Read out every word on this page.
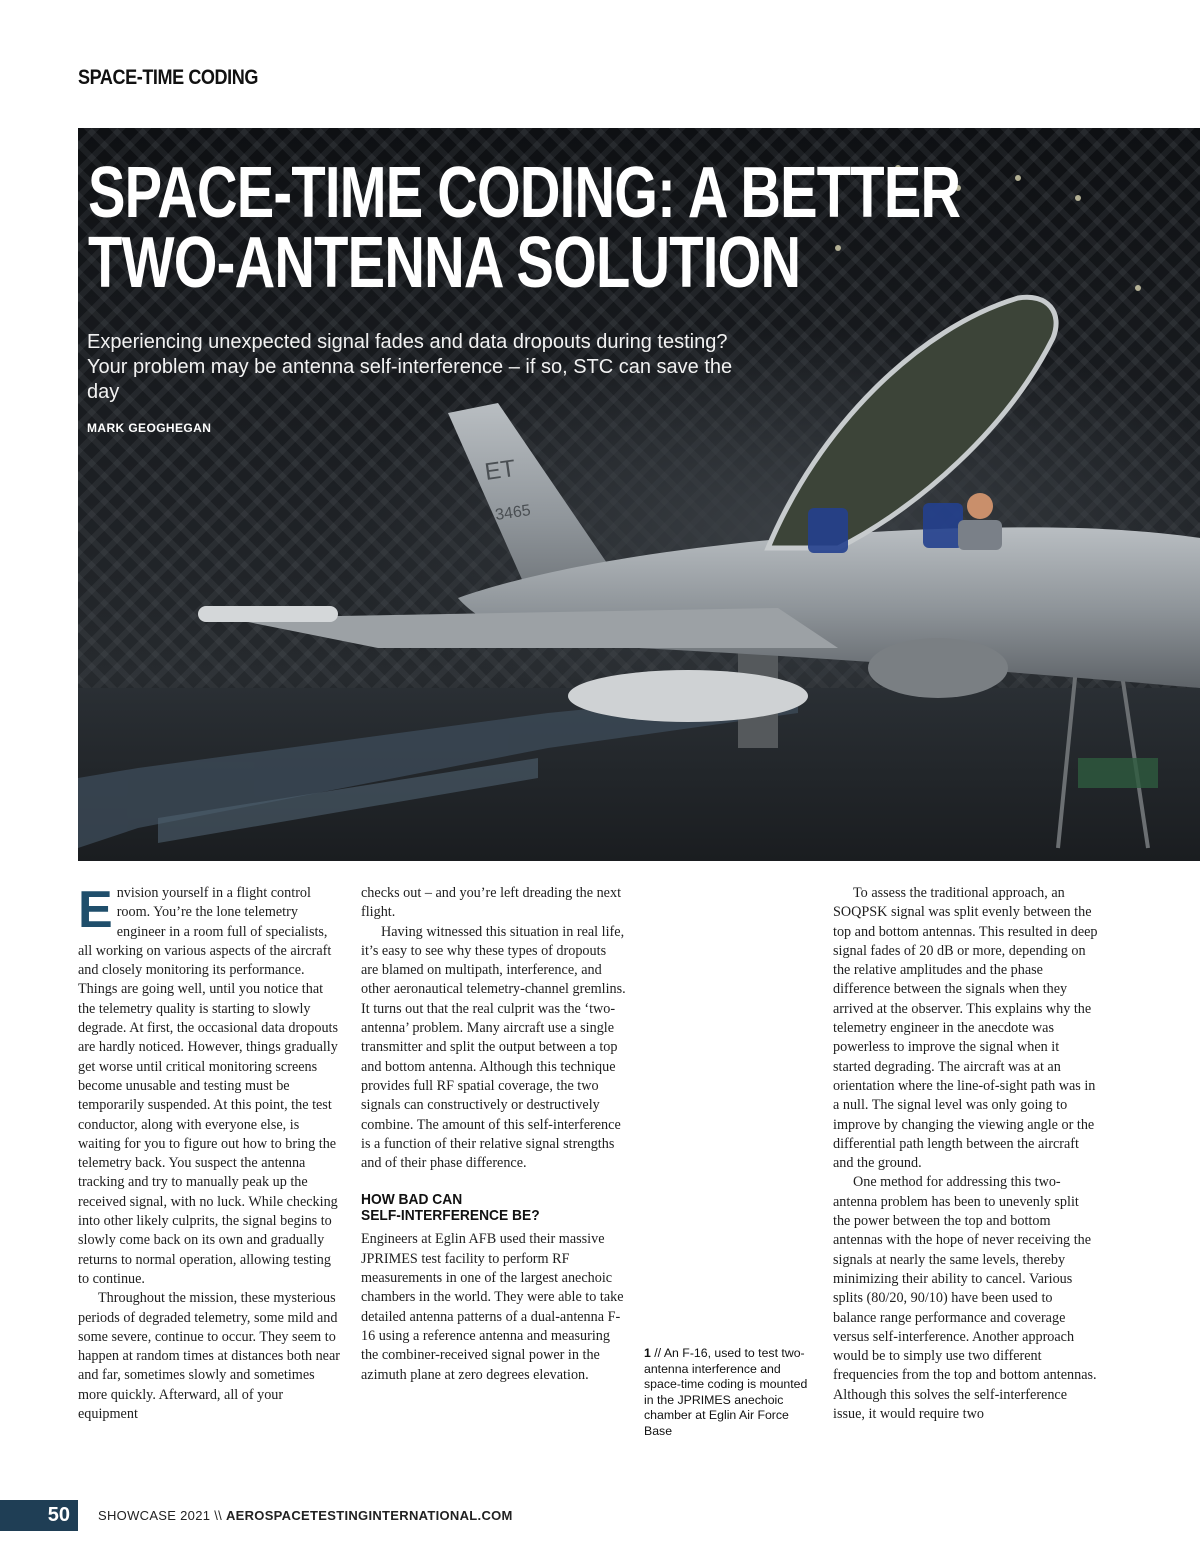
SPACE-TIME CODING
ET
3465
SPACE-TIME CODING: A BETTER
TWO-ANTENNA SOLUTION

Experiencing unexpected signal fades and data dropouts during testing? Your problem may be antenna self-interference – if so, STC can save the day

MARK GEOGHEGAN

Envision yourself in a flight control room. You’re the lone telemetry engineer in a room full of specialists, all working on various aspects of the aircraft and closely monitoring its performance. Things are going well, until you notice that the telemetry quality is starting to slowly degrade. At first, the occasional data dropouts are hardly noticed. However, things gradually get worse until critical monitoring screens become unusable and testing must be temporarily suspended. At this point, the test conductor, along with everyone else, is waiting for you to figure out how to bring the telemetry back. You suspect the antenna tracking and try to manually peak up the received signal, with no luck. While checking into other likely culprits, the signal begins to slowly come back on its own and gradually returns to normal operation, allowing testing to continue.

Throughout the mission, these mysterious periods of degraded telemetry, some mild and some severe, continue to occur. They seem to happen at random times at distances both near and far, sometimes slowly and sometimes more quickly. Afterward, all of your equipment

checks out – and you’re left dreading the next flight.

Having witnessed this situation in real life, it’s easy to see why these types of dropouts are blamed on multipath, interference, and other aeronautical telemetry-channel gremlins. It turns out that the real culprit was the ‘two-antenna’ problem. Many aircraft use a single transmitter and split the output between a top and bottom antenna. Although this technique provides full RF spatial coverage, the two signals can constructively or destructively combine. The amount of this self-interference is a function of their relative signal strengths and of their phase difference.

HOW BAD CAN
SELF-INTERFERENCE BE?

Engineers at Eglin AFB used their massive JPRIMES test facility to perform RF measurements in one of the largest anechoic chambers in the world. They were able to take detailed antenna patterns of a dual-antenna F-16 using a reference antenna and measuring the combiner-received signal power in the azimuth plane at zero degrees elevation.

1 // An F-16, used to test two-antenna interference and space-time coding is mounted in the JPRIMES anechoic chamber at Eglin Air Force Base

To assess the traditional approach, an SOQPSK signal was split evenly between the top and bottom antennas. This resulted in deep signal fades of 20 dB or more, depending on the relative amplitudes and the phase difference between the signals when they arrived at the observer. This explains why the telemetry engineer in the anecdote was powerless to improve the signal when it started degrading. The aircraft was at an orientation where the line-of-sight path was in a null. The signal level was only going to improve by changing the viewing angle or the differential path length between the aircraft and the ground.

One method for addressing this two-antenna problem has been to unevenly split the power between the top and bottom antennas with the hope of never receiving the signals at nearly the same levels, thereby minimizing their ability to cancel. Various splits (80/20, 90/10) have been used to balance range performance and coverage versus self-interference. Another approach would be to simply use two different frequencies from the top and bottom antennas. Although this solves the self-interference issue, it would require two

50	SHOWCASE 2021 \\ AEROSPACETESTINGINTERNATIONAL.COM
